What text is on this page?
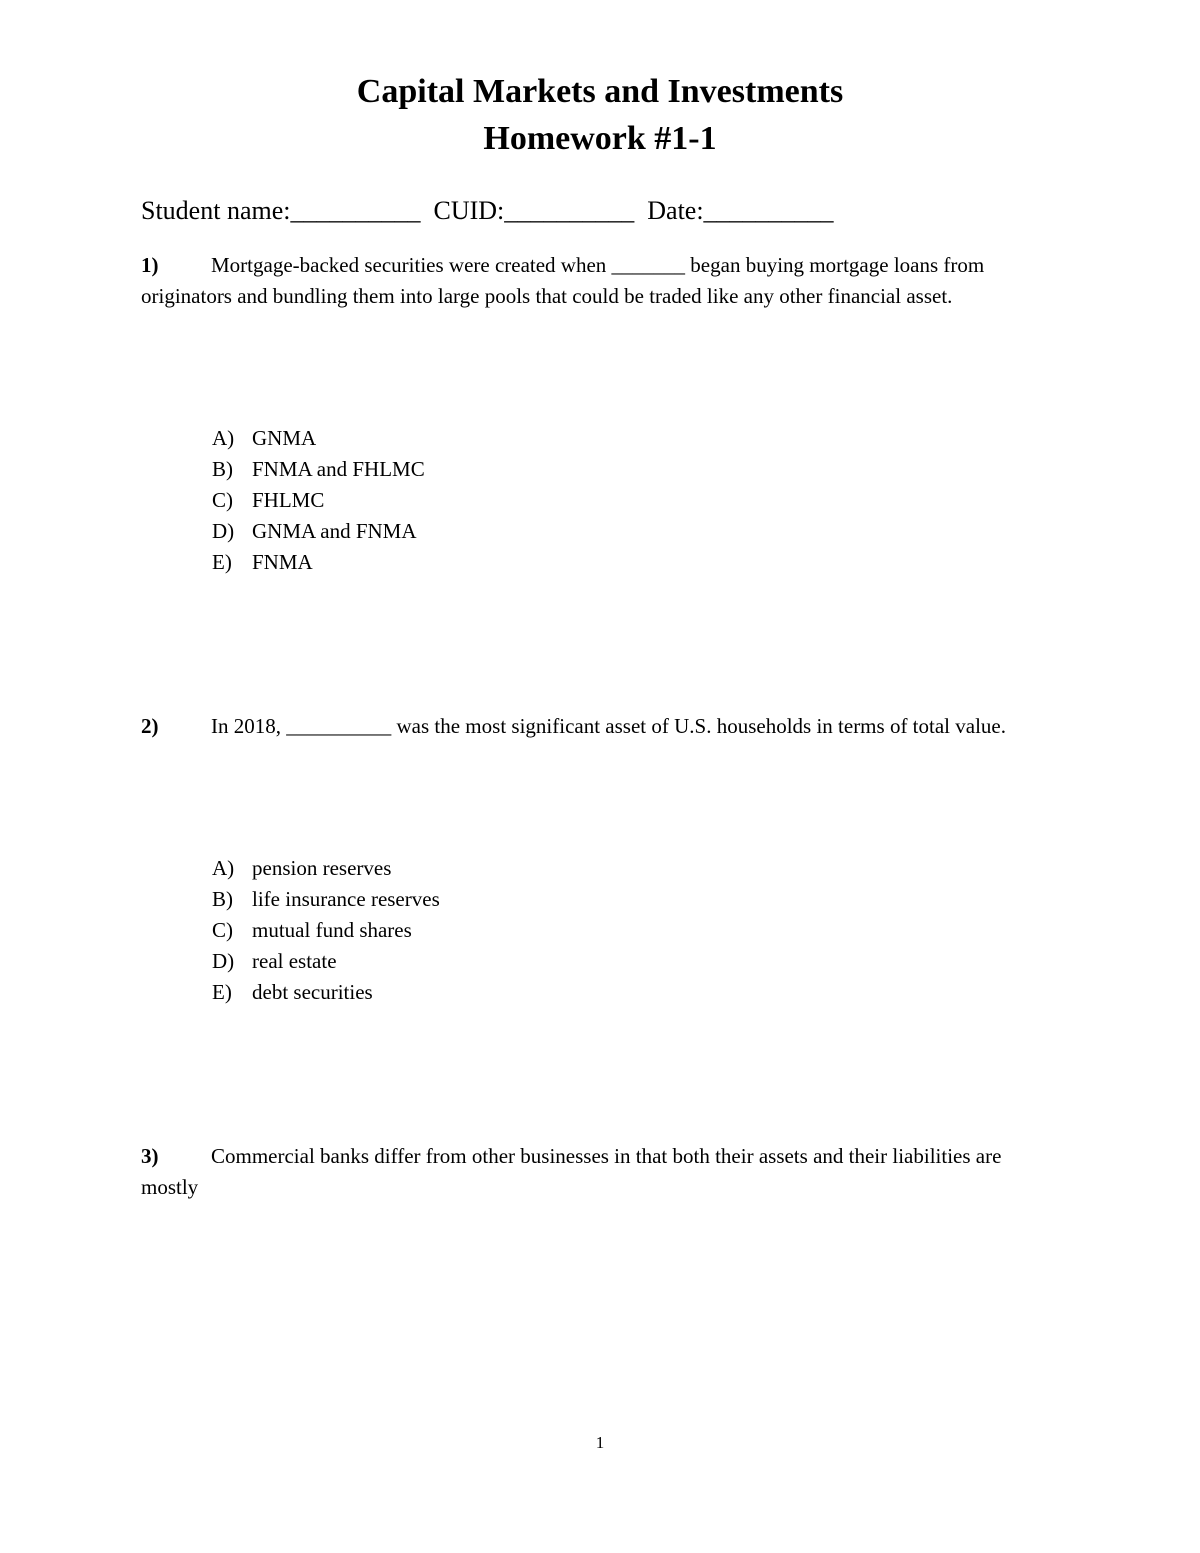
Capital Markets and Investments
Homework #1-1
Student name:__________  CUID:__________  Date:__________
1)	Mortgage-backed securities were created when _______ began buying mortgage loans from originators and bundling them into large pools that could be traded like any other financial asset.
A) GNMA
B) FNMA and FHLMC
C) FHLMC
D) GNMA and FNMA
E) FNMA
2)	In 2018, __________ was the most significant asset of U.S. households in terms of total value.
A) pension reserves
B) life insurance reserves
C) mutual fund shares
D) real estate
E) debt securities
3)	Commercial banks differ from other businesses in that both their assets and their liabilities are mostly
1
